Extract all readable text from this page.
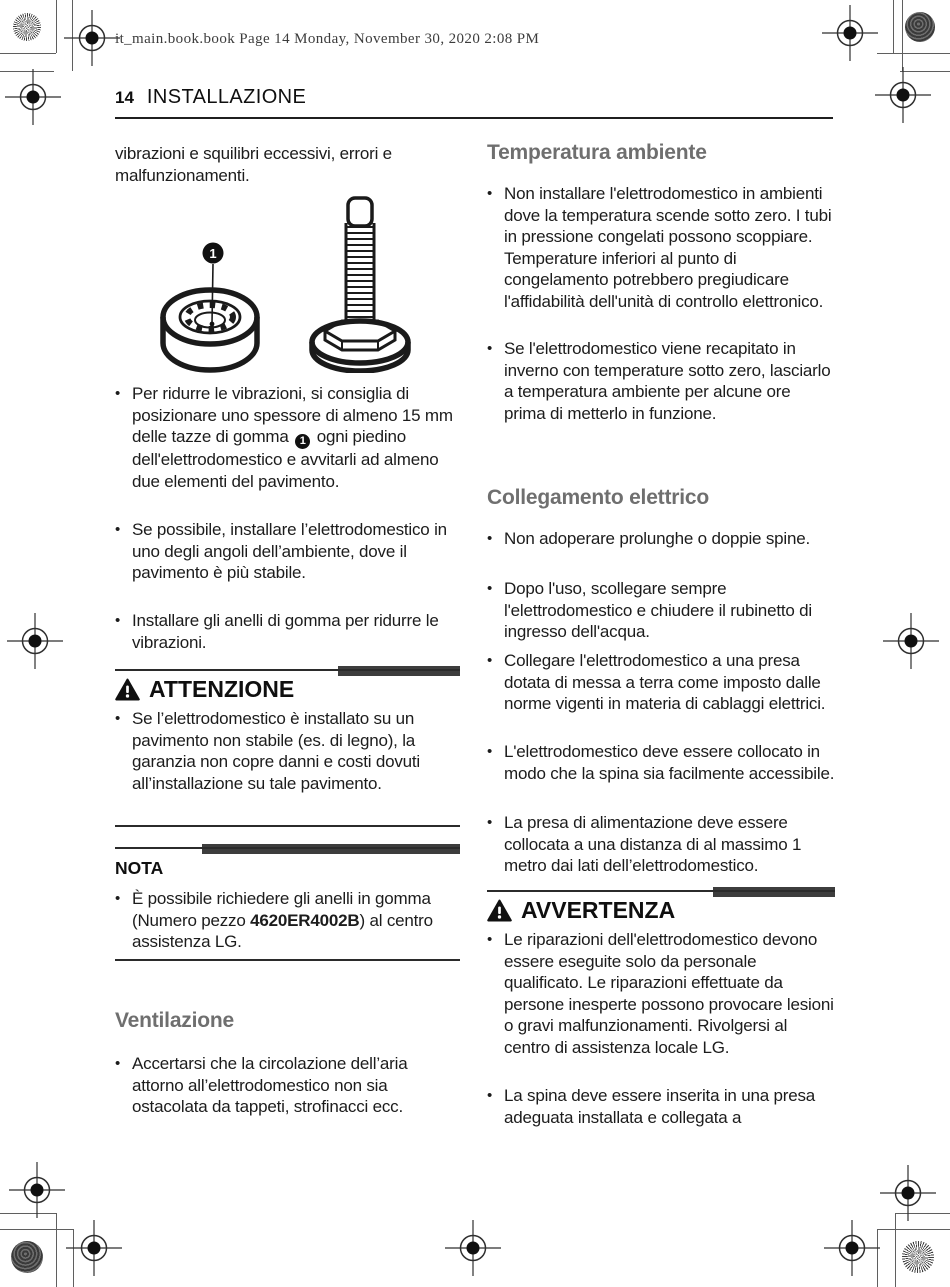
it_main.book.book Page 14 Monday, November 30, 2020 2:08 PM
14 INSTALLAZIONE
vibrazioni e squilibri eccessivi, errori e malfunzionamenti.
1
• Per ridurre le vibrazioni, si consiglia di posizionare uno spessore di almeno 15 mm delle tazze di gomma 1 ogni piedino dell'elettrodomestico e avvitarli ad almeno due elementi del pavimento.
• Se possibile, installare l’elettrodomestico in uno degli angoli dell’ambiente, dove il pavimento è più stabile.
• Installare gli anelli di gomma per ridurre le vibrazioni.
ATTENZIONE
• Se l’elettrodomestico è installato su un pavimento non stabile (es. di legno), la garanzia non copre danni e costi dovuti all’installazione su tale pavimento.
NOTA
• È possibile richiedere gli anelli in gomma (Numero pezzo 4620ER4002B) al centro assistenza LG.
Ventilazione
• Accertarsi che la circolazione dell’aria attorno all’elettrodomestico non sia ostacolata da tappeti, strofinacci ecc.
Temperatura ambiente
• Non installare l'elettrodomestico in ambienti dove la temperatura scende sotto zero. I tubi in pressione congelati possono scoppiare. Temperature inferiori al punto di congelamento potrebbero pregiudicare l'affidabilità dell'unità di controllo elettronico.
• Se l'elettrodomestico viene recapitato in inverno con temperature sotto zero, lasciarlo a temperatura ambiente per alcune ore prima di metterlo in funzione.
Collegamento elettrico
• Non adoperare prolunghe o doppie spine.
• Dopo l'uso, scollegare sempre l'elettrodomestico e chiudere il rubinetto di ingresso dell'acqua.
• Collegare l'elettrodomestico a una presa dotata di messa a terra come imposto dalle norme vigenti in materia di cablaggi elettrici.
• L'elettrodomestico deve essere collocato in modo che la spina sia facilmente accessibile.
• La presa di alimentazione deve essere collocata a una distanza di al massimo 1 metro dai lati dell’elettrodomestico.
AVVERTENZA
• Le riparazioni dell'elettrodomestico devono essere eseguite solo da personale qualificato. Le riparazioni effettuate da persone inesperte possono provocare lesioni o gravi malfunzionamenti. Rivolgersi al centro di assistenza locale LG.
• La spina deve essere inserita in una presa adeguata installata e collegata a
